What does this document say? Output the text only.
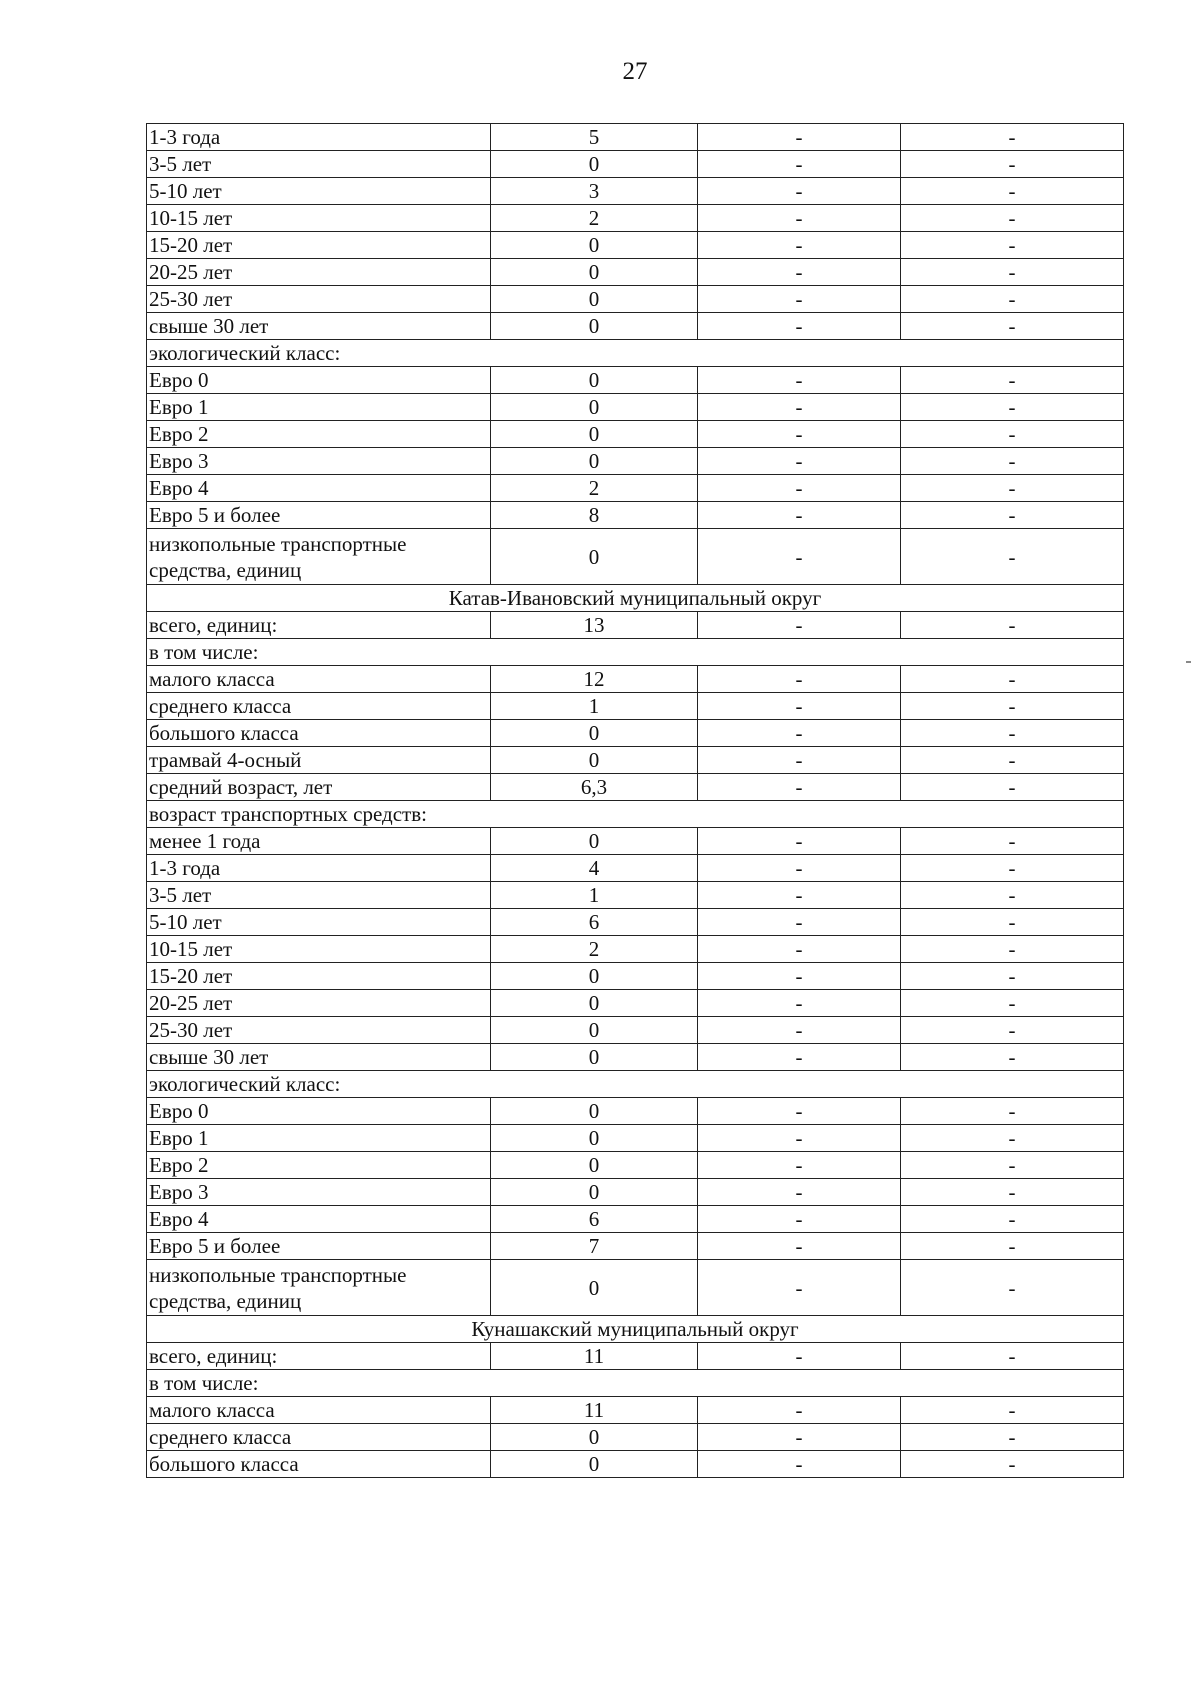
27
1-3 года	5	-	-
3-5 лет	0	-	-
5-10 лет	3	-	-
10-15 лет	2	-	-
15-20 лет	0	-	-
20-25 лет	0	-	-
25-30 лет	0	-	-
свыше 30 лет	0	-	-
экологический класс:			
Евро 0	0	-	-
Евро 1	0	-	-
Евро 2	0	-	-
Евро 3	0	-	-
Евро 4	2	-	-
Евро 5 и более	8	-	-
низкопольные транспортные средства, единиц	0	-	-
Катав-Ивановский муниципальный округ			
всего, единиц:	13	-	-
в том числе:			
малого класса	12	-	-
среднего класса	1	-	-
большого класса	0	-	-
трамвай 4-осный	0	-	-
средний возраст, лет	6,3	-	-
возраст транспортных средств:			
менее 1 года	0	-	-
1-3 года	4	-	-
3-5 лет	1	-	-
5-10 лет	6	-	-
10-15 лет	2	-	-
15-20 лет	0	-	-
20-25 лет	0	-	-
25-30 лет	0	-	-
свыше 30 лет	0	-	-
экологический класс:			
Евро 0	0	-	-
Евро 1	0	-	-
Евро 2	0	-	-
Евро 3	0	-	-
Евро 4	6	-	-
Евро 5 и более	7	-	-
низкопольные транспортные средства, единиц	0	-	-
Кунашакский муниципальный округ			
всего, единиц:	11	-	-
в том числе:			
малого класса	11	-	-
среднего класса	0	-	-
большого класса	0	-	-
